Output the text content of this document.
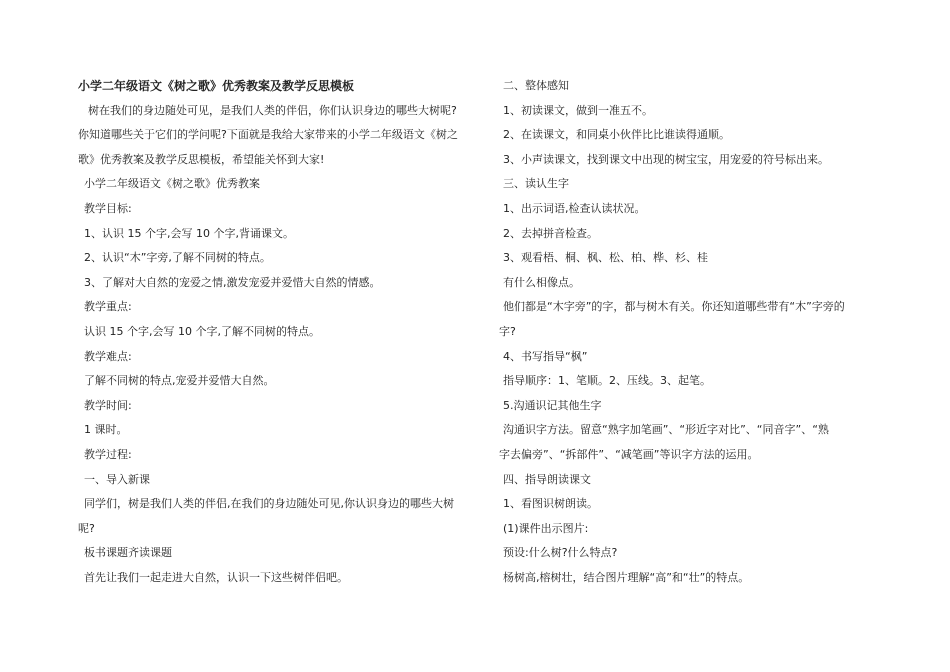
小学二年级语文《树之歌》优秀教案及教学反思模板

树在我们的身边随处可见，是我们人类的伴侣，你们认识身边的哪些大树呢?

你知道哪些关于它们的学问呢?下面就是我给大家带来的小学二年级语文《树之

歌》优秀教案及教学反思模板，希望能关怀到大家!

小学二年级语文《树之歌》优秀教案

教学目标:

1、认识 15 个字,会写 10 个字,背诵课文。

2、认识“木”字旁,了解不同树的特点。

3、了解对大自然的宠爱之情,激发宠爱并爱惜大自然的情感。

教学重点:

认识 15 个字,会写 10 个字,了解不同树的特点。

教学难点:

了解不同树的特点,宠爱并爱惜大自然。

教学时间:

1 课时。

教学过程:

一、导入新课

同学们，树是我们人类的伴侣,在我们的身边随处可见,你认识身边的哪些大树

呢?

板书课题齐读课题

首先让我们一起走进大自然，认识一下这些树伴侣吧。

二、整体感知

1、初读课文，做到一准五不。

2、在读课文，和同桌小伙伴比比谁读得通顺。

3、小声读课文，找到课文中出现的树宝宝，用宠爱的符号标出来。

三、读认生字

1、出示词语,检查认读状况。

2、去掉拼音检查。

3、观看梧、桐、枫、松、柏、桦、杉、桂

有什么相像点。

他们都是“木字旁”的字，都与树木有关。你还知道哪些带有“木”字旁的

字?

4、书写指导“枫”

指导顺序：1、笔顺。2、压线。3、起笔。

5.沟通识记其他生字

沟通识字方法。留意“熟字加笔画”、“形近字对比”、“同音字”、“熟

字去偏旁”、“拆部件”、“减笔画”等识字方法的运用。

四、指导朗读课文

1、看图识树朗读。

(1)课件出示图片:

预设:什么树?什么特点?

杨树高,榕树壮，结合图片理解“高”和“壮”的特点。
